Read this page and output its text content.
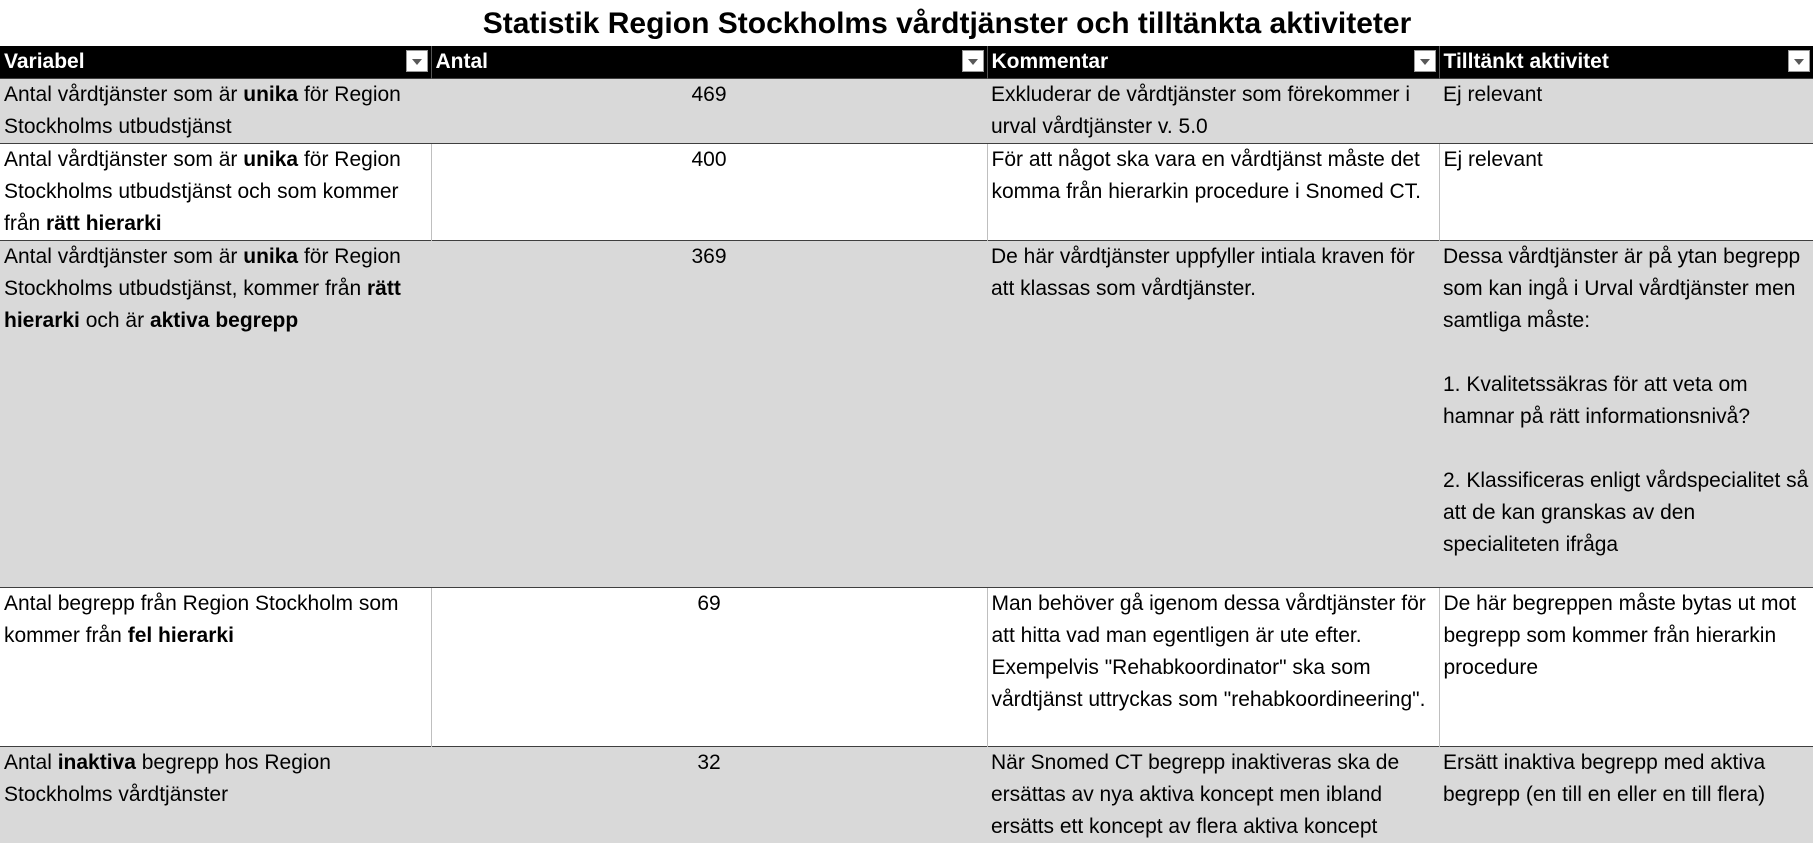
Statistik Region Stockholms vårdtjänster och tilltänkta aktiviteter
Variabel	Antal	Kommentar	Tilltänkt aktivitet

Antal vårdtjänster som är unika för Region Stockholms utbudstjänst	469	Exkluderar de vårdtjänster som förekommer i urval vårdtjänster v. 5.0	Ej relevant

Antal vårdtjänster som är unika för Region Stockholms utbudstjänst och som kommer från rätt hierarki	400	För att något ska vara en vårdtjänst måste det komma från hierarkin procedure i Snomed CT.	Ej relevant

Antal vårdtjänster som är unika för Region Stockholms utbudstjänst, kommer från rätt hierarki och är aktiva begrepp	369	De här vårdtjänster uppfyller intiala kraven för att klassas som vårdtjänster.	Dessa vårdtjänster är på ytan begrepp som kan ingå i Urval vårdtjänster men samtliga måste:
1. Kvalitetssäkras för att veta om hamnar på rätt informationsnivå?
2. Klassificeras enligt vårdspecialitet så att de kan granskas av den specialiteten ifråga

Antal begrepp från Region Stockholm som kommer från fel hierarki	69	Man behöver gå igenom dessa vårdtjänster för att hitta vad man egentligen är ute efter. Exempelvis "Rehabkoordinator" ska som vårdtjänst uttryckas som "rehabkoordineering".	De här begreppen måste bytas ut mot begrepp som kommer från hierarkin procedure

Antal inaktiva begrepp hos Region Stockholms vårdtjänster	32	När Snomed CT begrepp inaktiveras ska de ersättas av nya aktiva koncept men ibland ersätts ett koncept av flera aktiva koncept	Ersätt inaktiva begrepp med aktiva begrepp (en till en eller en till flera)
